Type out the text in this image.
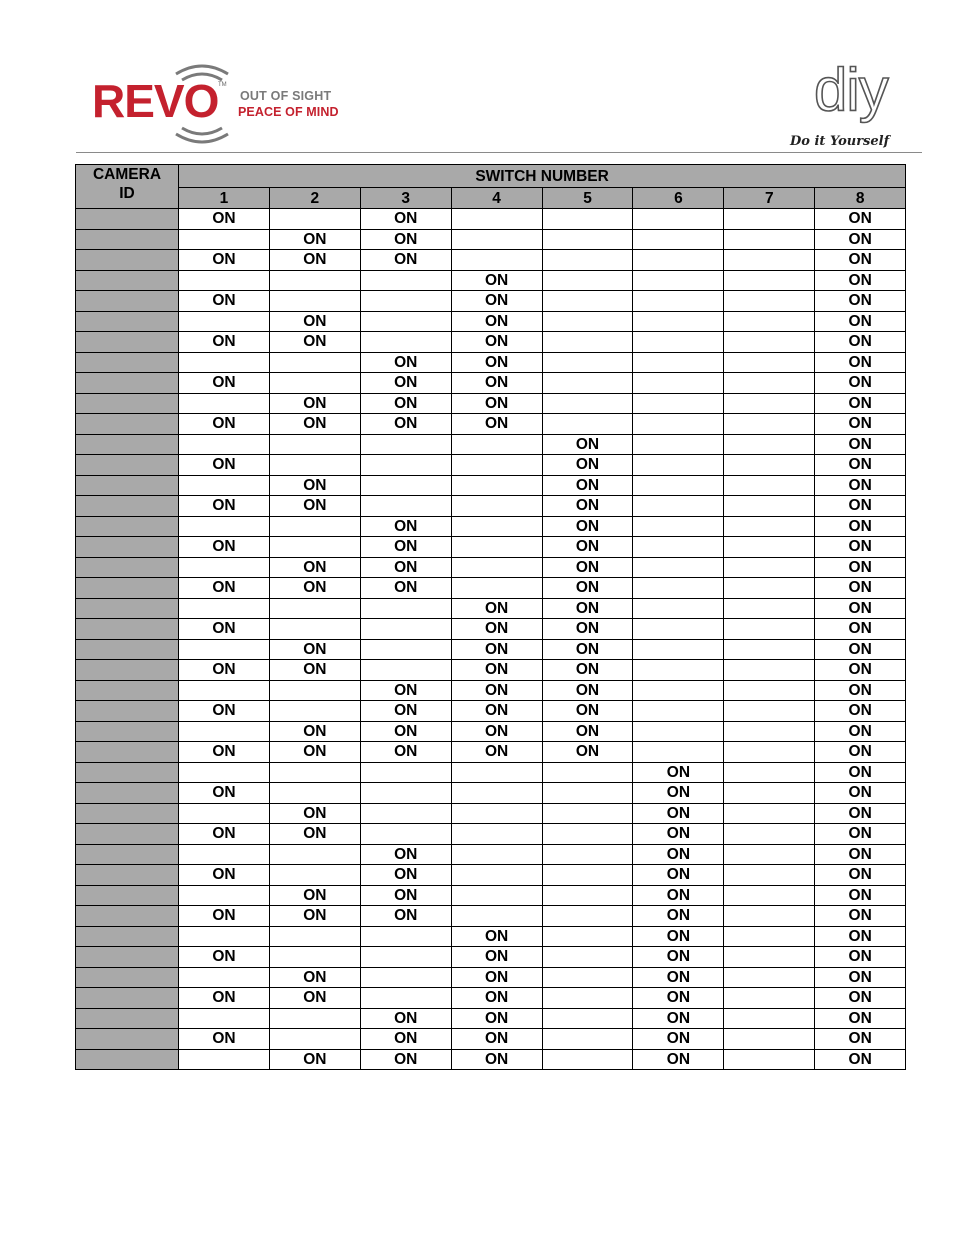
REVO TM
OUT OF SIGHT
PEACE OF MIND	diy
Do it Yourself
CAMERA
ID	SWITCH NUMBER							
	1	2	3	4	5	6	7	8
	ON		ON					ON
		ON	ON					ON
	ON	ON	ON					ON
				ON				ON
	ON			ON				ON
		ON		ON				ON
	ON	ON		ON				ON
			ON	ON				ON
	ON		ON	ON				ON
		ON	ON	ON				ON
	ON	ON	ON	ON				ON
					ON			ON
	ON				ON			ON
		ON			ON			ON
	ON	ON			ON			ON
			ON		ON			ON
	ON		ON		ON			ON
		ON	ON		ON			ON
	ON	ON	ON		ON			ON
				ON	ON			ON
	ON			ON	ON			ON
		ON		ON	ON			ON
	ON	ON		ON	ON			ON
			ON	ON	ON			ON
	ON		ON	ON	ON			ON
		ON	ON	ON	ON			ON
	ON	ON	ON	ON	ON			ON
						ON		ON
	ON					ON		ON
		ON				ON		ON
	ON	ON				ON		ON
			ON			ON		ON
	ON		ON			ON		ON
		ON	ON			ON		ON
	ON	ON	ON			ON		ON
				ON		ON		ON
	ON			ON		ON		ON
		ON		ON		ON		ON
	ON	ON		ON		ON		ON
			ON	ON		ON		ON
	ON		ON	ON		ON		ON
		ON	ON	ON		ON		ON
